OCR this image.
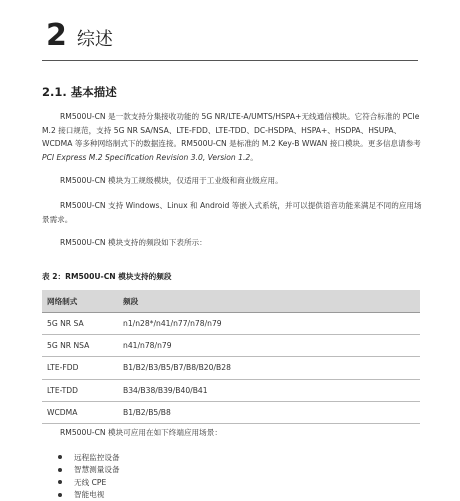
2 综述
2.1. 基本描述
RM500U-CN 是一款支持分集接收功能的 5G NR/LTE-A/UMTS/HSPA+无线通信模块。它符合标准的 PCIe M.2 接口规范，支持 5G NR SA/NSA、LTE-FDD、LTE-TDD、DC-HSDPA、HSPA+、HSDPA、HSUPA、WCDMA 等多种网络制式下的数据连接。RM500U-CN 是标准的 M.2 Key-B WWAN 接口模块。更多信息请参考 PCI Express M.2 Specification Revision 3.0, Version 1.2。
RM500U-CN 模块为工规级模块，仅适用于工业级和商业级应用。
RM500U-CN 支持 Windows、Linux 和 Android 等嵌入式系统，并可以提供语音功能来满足不同的应用场景需求。
RM500U-CN 模块支持的频段如下表所示：
表 2：RM500U-CN 模块支持的频段
网络制式	频段
5G NR SA	n1/n28*/n41/n77/n78/n79
5G NR NSA	n41/n78/n79
LTE-FDD	B1/B2/B3/B5/B7/B8/B20/B28
LTE-TDD	B34/B38/B39/B40/B41
WCDMA	B1/B2/B5/B8
RM500U-CN 模块可应用在如下终端应用场景：
远程监控设备
智慧测量设备
无线 CPE
智能电视
